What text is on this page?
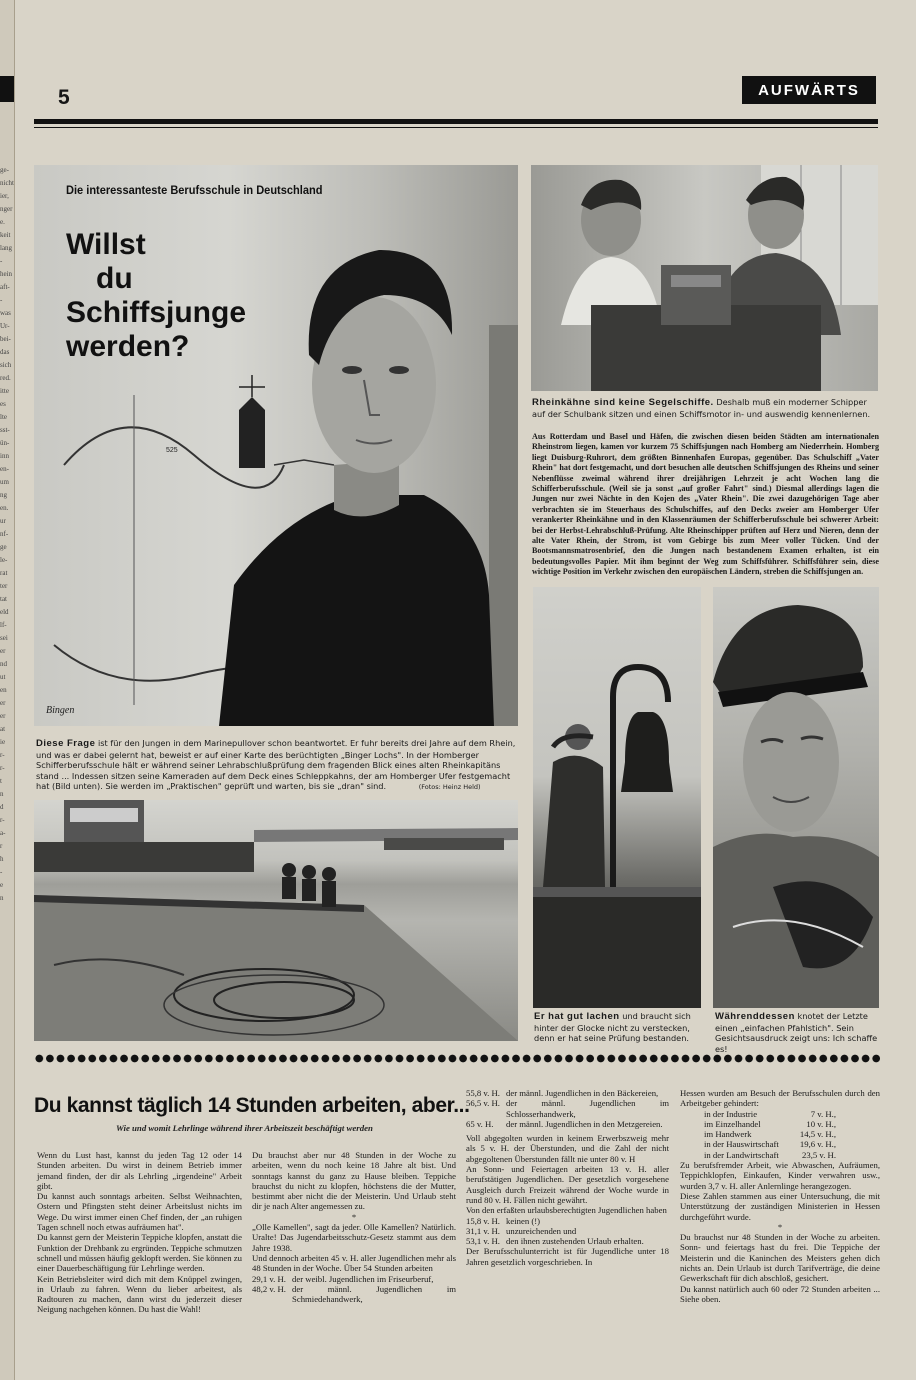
ge-
nicht
ier,
nger
e.
keit
lang
-
hein
aft-
-
was
Ur-
bei-
das
sich
red.
itte
es
lte
sst-
ün-
inn
en-
um
ng
en.
ur
nf-
ge
le-
rat
ter
tat
eld
lf-
sei
er
nd
ut
en
er
er
at
ie
r-
r-
t
n
d
r-
a-
r
h
-
e
n
5	AUFWÄRTS
525
Bingen
Die interessanteste Berufsschule in Deutschland
Willst
du
Schiffsjunge
werden?
Diese Frage ist für den Jungen in dem Marinepullover schon beantwortet. Er fuhr bereits drei Jahre auf dem Rhein, und was er dabei gelernt hat, beweist er auf einer Karte des berüchtigten „Binger Lochs". In der Homberger Schifferberufsschule hält er während seiner Lehrabschlußprüfung dem fragenden Blick eines alten Rheinkapitäns stand ... Indessen sitzen seine Kameraden auf dem Deck eines Schleppkahns, der am Homberger Ufer festgemacht hat (Bild unten). Sie werden im „Praktischen" geprüft und warten, bis sie „dran" sind.	(Fotos: Heinz Held)
Rheinkähne sind keine Segelschiffe. Deshalb muß ein moderner Schipper auf der Schulbank sitzen und einen Schiffsmotor in- und auswendig kennenlernen.
Aus Rotterdam und Basel und Häfen, die zwischen diesen beiden Städten am internationalen Rheinstrom liegen, kamen vor kurzem 75 Schiffsjungen nach Homberg am Niederrhein. Homberg liegt Duisburg-Ruhrort, dem größten Binnenhafen Europas, gegenüber. Das Schulschiff „Vater Rhein" hat dort festgemacht, und dort besuchen alle deutschen Schiffsjungen des Rheins und seiner Nebenflüsse zweimal während ihrer dreijährigen Lehrzeit je acht Wochen lang die Schifferberufsschule. (Weil sie ja sonst „auf großer Fahrt" sind.) Diesmal allerdings lagen die Jungen nur zwei Nächte in den Kojen des „Vater Rhein". Die zwei dazugehörigen Tage aber verbrachten sie im Steuerhaus des Schulschiffes, auf den Decks zweier am Homberger Ufer verankerter Rheinkähne und in den Klassenräumen der Schifferberufsschule bei schwerer Arbeit: bei der Herbst-Lehrabschluß-Prüfung. Alte Rheinschipper prüften auf Herz und Nieren, denn der alte Vater Rhein, der Strom, ist vom Gebirge bis zum Meer voller Tücken. Und der Bootsmannsmatrosenbrief, den die Jungen nach bestandenem Examen erhalten, ist ein bedeutungsvolles Papier. Mit ihm beginnt der Weg zum Schiffsführer. Schiffsführer sein, diese wichtige Position im Verkehr zwischen den europäischen Ländern, streben die Schiffsjungen an.
Er hat gut lachen und braucht sich hinter der Glocke nicht zu verstecken, denn er hat seine Prüfung bestanden.
Währenddessen knotet der Letzte einen „einfachen Pfahlstich". Sein Gesichtsausdruck zeigt uns: Ich schaffe es!
Du kannst täglich 14 Stunden arbeiten, aber...
Wie und womit Lehrlinge während ihrer Arbeitszeit beschäftigt werden

Wenn du Lust hast, kannst du jeden Tag 12 oder 14 Stunden arbeiten. Du wirst in deinem Betrieb immer jemand finden, der dir als Lehrling „irgendeine" Arbeit gibt.

Du kannst auch sonntags arbeiten. Selbst Weihnachten, Ostern und Pfingsten steht deiner Arbeitslust nichts im Wege. Du wirst immer einen Chef finden, der „an ruhigen Tagen schnell noch etwas aufräumen hat".

Du kannst gern der Meisterin Teppiche klopfen, anstatt die Funktion der Drehbank zu ergründen. Teppiche schmutzen schnell und müssen häufig geklopft werden. Sie können zu einer Dauerbeschäftigung für Lehrlinge werden.

Kein Betriebsleiter wird dich mit dem Knüppel zwingen, in Urlaub zu fahren. Wenn du lieber arbeitest, als Radtouren zu machen, dann wirst du jederzeit dieser Neigung nachgehen können. Du hast die Wahl!

Du brauchst aber nur 48 Stunden in der Woche zu arbeiten, wenn du noch keine 18 Jahre alt bist. Und sonntags kannst du ganz zu Hause bleiben. Teppiche brauchst du nicht zu klopfen, höchstens die der Mutter, bestimmt aber nicht die der Meisterin. Und Urlaub steht dir je nach Alter angemessen zu.

*

„Olle Kamellen", sagt da jeder. Olle Kamellen? Natürlich. Uralte! Das Jugendarbeitsschutz-Gesetz stammt aus dem Jahre 1938.

Und dennoch arbeiten 45 v. H. aller Jugendlichen mehr als 48 Stunden in der Woche. Über 54 Stunden arbeiten

29,1 v. H. der weibl. Jugendlichen im Friseurberuf,
48,2 v. H. der männl. Jugendlichen im Schmiedehandwerk,
55,8 v. H. der männl. Jugendlichen in den Bäckereien,
56,5 v. H. der männl. Jugendlichen im Schlosserhandwerk,
65 v. H.	der männl. Jugendlichen in den Metzgereien.

Voll abgegolten wurden in keinem Erwerbszweig mehr als 5 v. H. der Überstunden, und die Zahl der nicht abgegoltenen Überstunden fällt nie unter 80 v. H

An Sonn- und Feiertagen arbeiten 13 v. H. aller berufstätigen Jugendlichen. Der gesetzlich vorgesehene Ausgleich durch Freizeit während der Woche wurde in rund 80 v. H. Fällen nicht gewährt.

Von den erfaßten urlaubsberechtigten Jugendlichen haben

15,8 v. H. keinen (!)
31,1 v. H. unzureichenden und
53,1 v. H. den ihnen zustehenden Urlaub erhalten.

Der Berufsschulunterricht ist für Jugendliche unter 18 Jahren gesetzlich vorgeschrieben. In

Hessen wurden am Besuch der Berufsschulen durch den Arbeitgeber gehindert:

in der Industrie	7 v. H.,
im Einzelhandel	10 v. H.,
im Handwerk	14,5 v. H.,
in der Hauswirtschaft	19,6 v. H.,
in der Landwirtschaft	23,5 v. H.

Zu berufsfremder Arbeit, wie Abwaschen, Aufräumen, Teppichklopfen, Einkaufen, Kinder verwahren usw., wurden 3,7 v. H. aller Anlernlinge herangezogen.

Diese Zahlen stammen aus einer Untersuchung, die mit Unterstützung der zuständigen Ministerien in Hessen durchgeführt wurde.

*

Du brauchst nur 48 Stunden in der Woche zu arbeiten. Sonn- und feiertags hast du frei. Die Teppiche der Meisterin und die Kaninchen des Meisters gehen dich nichts an. Dein Urlaub ist durch Tarifverträge, die deine Gewerkschaft für dich abschloß, gesichert.

Du kannst natürlich auch 60 oder 72 Stunden arbeiten ... Siehe oben.
